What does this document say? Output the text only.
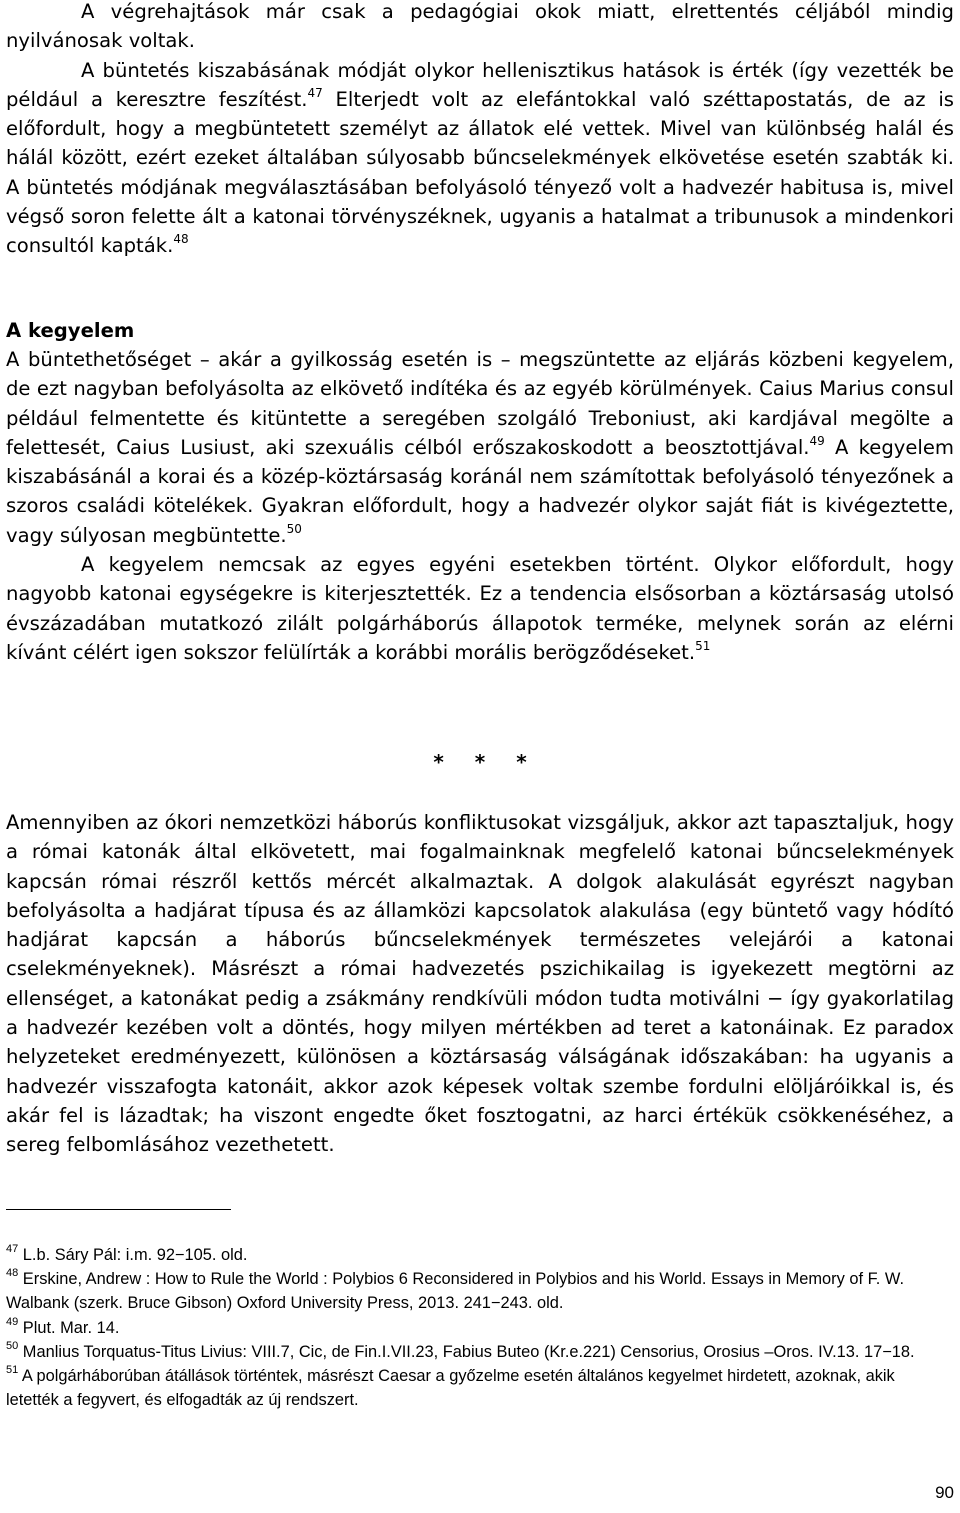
A végrehajtások már csak a pedagógiai okok miatt, elrettentés céljából mindig nyilvánosak voltak.

A büntetés kiszabásának módját olykor hellenisztikus hatások is érték (így vezették be például a keresztre feszítést.$^{47}$ Elterjedt volt az elefántokkal való széttapostatás, de az is előfordult, hogy a megbüntetett személyt az állatok elé vettek. Mivel van különbség halál és hálál között, ezért ezeket általában súlyosabb bűncselekmények elkövetése esetén szabták ki. A büntetés módjának megválasztásában befolyásoló tényező volt a hadvezér habitusa is, mivel végső soron felette ált a katonai törvényszéknek, ugyanis a hatalmat a tribunusok a mindenkori consultól kapták.$^{48}$

A kegyelem

A büntethetőséget – akár a gyilkosság esetén is – megszüntette az eljárás közbeni kegyelem, de ezt nagyban befolyásolta az elkövető indítéka és az egyéb körülmények. Caius Marius consul például felmentette és kitüntette a seregében szolgáló Treboniust, aki kardjával megölte a felettesét, Caius Lusiust, aki szexuális célból erőszakoskodott a beosztottjával.$^{49}$ A kegyelem kiszabásánál a korai és a közép-köztársaság koránál nem számítottak befolyásoló tényezőnek a szoros családi kötelékek. Gyakran előfordult, hogy a hadvezér olykor saját fiát is kivégeztette, vagy súlyosan megbüntette.$^{50}$

A kegyelem nemcsak az egyes egyéni esetekben történt. Olykor előfordult, hogy nagyobb katonai egységekre is kiterjesztették. Ez a tendencia elsősorban a köztársaság utolsó évszázadában mutatkozó zilált polgárháborús állapotok terméke, melynek során az elérni kívánt célért igen sokszor felülírták a korábbi morális berögződéseket.$^{51}$

* * *

Amennyiben az ókori nemzetközi háborús konfliktusokat vizsgáljuk, akkor azt tapasztaljuk, hogy a római katonák által elkövetett, mai fogalmainknak megfelelő katonai bűncselekmények kapcsán római részről kettős mércét alkalmaztak. A dolgok alakulását egyrészt nagyban befolyásolta a hadjárat típusa és az államközi kapcsolatok alakulása (egy büntető vagy hódító hadjárat kapcsán a háborús bűncselekmények természetes velejárói a katonai cselekményeknek). Másrészt a római hadvezetés pszichikailag is igyekezett megtörni az ellenséget, a katonákat pedig a zsákmány rendkívüli módon tudta motiválni − így gyakorlatilag a hadvezér kezében volt a döntés, hogy milyen mértékben ad teret a katonáinak. Ez paradox helyzeteket eredményezett, különösen a köztársaság válságának időszakában: ha ugyanis a hadvezér visszafogta katonáit, akkor azok képesek voltak szembe fordulni elöljáróikkal is, és akár fel is lázadtak; ha viszont engedte őket fosztogatni, az harci értékük csökkenéséhez, a sereg felbomlásához vezethetett.

$^{47}$ L.b. Sáry Pál: i.m. 92−105. old.

$^{48}$ Erskine, Andrew : How to Rule the World : Polybios 6 Reconsidered in Polybios and his World. Essays in Memory of F. W. Walbank (szerk. Bruce Gibson) Oxford University Press, 2013. 241−243. old.

$^{49}$ Plut. Mar. 14.

$^{50}$ Manlius Torquatus-Titus Livius: VIII.7, Cic, de Fin.I.VII.23, Fabius Buteo (Kr.e.221) Censorius, Orosius –Oros. IV.13. 17−18.

$^{51}$ A polgárháborúban átállások történtek, másrészt Caesar a győzelme esetén általános kegyelmet hirdetett, azoknak, akik letették a fegyvert, és elfogadták az új rendszert.

90
